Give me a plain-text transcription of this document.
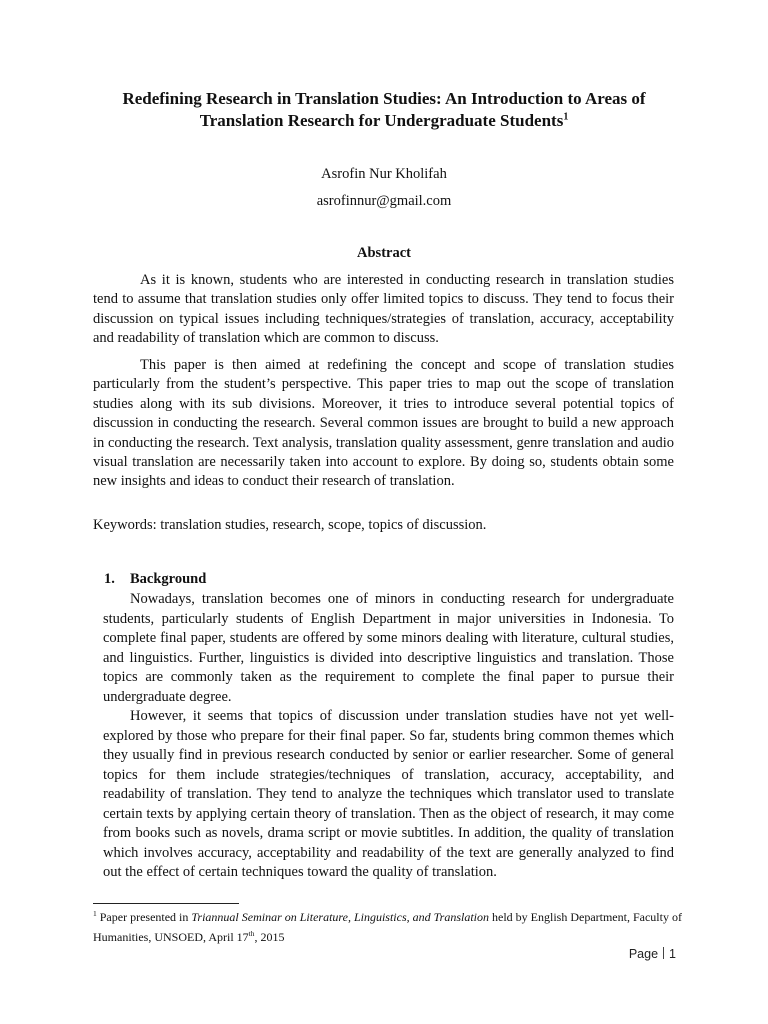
Redefining Research in Translation Studies: An Introduction to Areas of Translation Research for Undergraduate Students$^1$
Asrofin Nur Kholifah
asrofinnur@gmail.com
Abstract

As it is known, students who are interested in conducting research in translation studies tend to assume that translation studies only offer limited topics to discuss. They tend to focus their discussion on typical issues including techniques/strategies of translation, accuracy, acceptability and readability of translation which are common to discuss.

This paper is then aimed at redefining the concept and scope of translation studies particularly from the student’s perspective. This paper tries to map out the scope of translation studies along with its sub divisions. Moreover, it tries to introduce several potential topics of discussion in conducting the research. Several common issues are brought to build a new approach in conducting the research. Text analysis, translation quality assessment, genre translation and audio visual translation are necessarily taken into account to explore. By doing so, students obtain some new insights and ideas to conduct their research of translation.

Keywords: translation studies, research, scope, topics of discussion.
1. Background

Nowadays, translation becomes one of minors in conducting research for undergraduate students, particularly students of English Department in major universities in Indonesia. To complete final paper, students are offered by some minors dealing with literature, cultural studies, and linguistics. Further, linguistics is divided into descriptive linguistics and translation. Those topics are commonly taken as the requirement to complete the final paper to pursue their undergraduate degree.

However, it seems that topics of discussion under translation studies have not yet well-explored by those who prepare for their final paper. So far, students bring common themes which they usually find in previous research conducted by senior or earlier researcher. Some of general topics for them include strategies/techniques of translation, accuracy, acceptability, and readability of translation. They tend to analyze the techniques which translator used to translate certain texts by applying certain theory of translation. Then as the object of research, it may come from books such as novels, drama script or movie subtitles. In addition, the quality of translation which involves accuracy, acceptability and readability of the text are generally analyzed to find out the effect of certain techniques toward the quality of translation.

$^1$ Paper presented in Triannual Seminar on Literature, Linguistics, and Translation held by English Department, Faculty of Humanities, UNSOED, April 17th, 2015
Page 1
